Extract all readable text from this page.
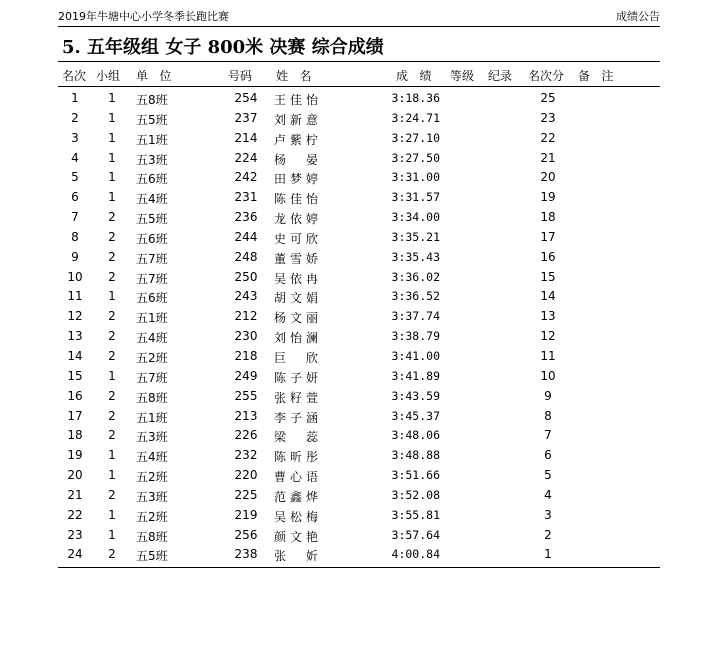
2019年牛塘中心小学冬季长跑比赛	成绩公告
5. 五年级组 女子 800米 决赛 综合成绩
名次 小组 单   位	号码 姓   名	成   绩 等级 纪录 名次分 备   注
1	1	五8班	254	王佳怡	3:18.36	25
2	1	五5班	237	刘新意	3:24.71	23
3	1	五1班	214	卢紫柠	3:27.10	22
4	1	五3班	224	杨 晏	3:27.50	21
5	1	五6班	242	田梦婷	3:31.00	20
6	1	五4班	231	陈佳怡	3:31.57	19
7	2	五5班	236	龙依婷	3:34.00	18
8	2	五6班	244	史可欣	3:35.21	17
9	2	五7班	248	董雪娇	3:35.43	16
10	2	五7班	250	吴依冉	3:36.02	15
11	1	五6班	243	胡文娟	3:36.52	14
12	2	五1班	212	杨文丽	3:37.74	13
13	2	五4班	230	刘怡澜	3:38.79	12
14	2	五2班	218	巨 欣	3:41.00	11
15	1	五7班	249	陈子妍	3:41.89	10
16	2	五8班	255	张籽萱	3:43.59	9
17	2	五1班	213	李子涵	3:45.37	8
18	2	五3班	226	梁 蕊	3:48.06	7
19	1	五4班	232	陈昕彤	3:48.88	6
20	1	五2班	220	曹心语	3:51.66	5
21	2	五3班	225	范鑫烨	3:52.08	4
22	1	五2班	219	吴松梅	3:55.81	3
23	1	五8班	256	颜文艳	3:57.64	2
24	2	五5班	238	张 妡	4:00.84	1
